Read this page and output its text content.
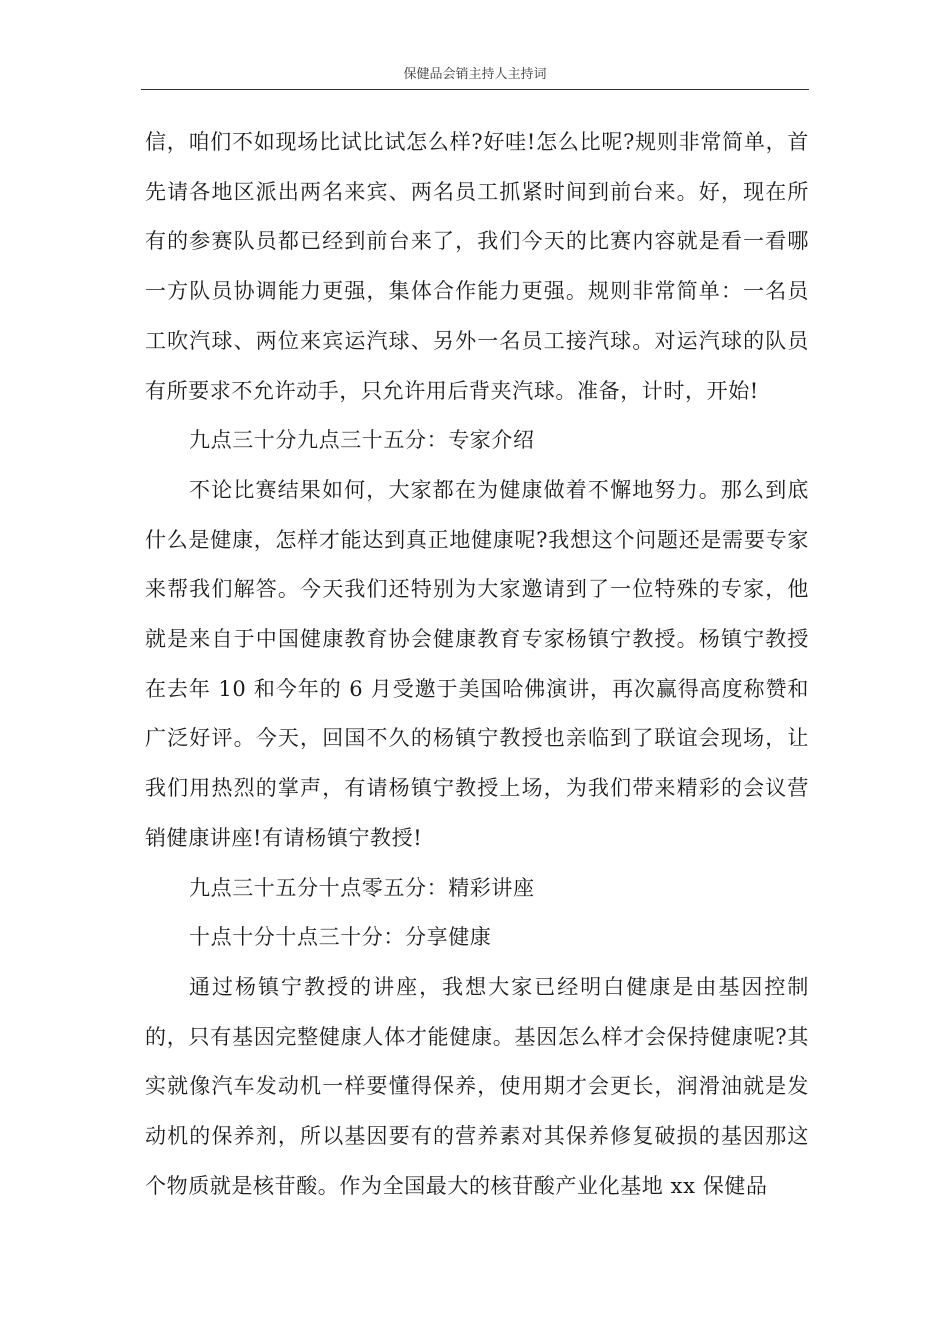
保健品会销主持人主持词

信，咱们不如现场比试比试怎么样?好哇!怎么比呢?规则非常简单，首先请各地区派出两名来宾、两名员工抓紧时间到前台来。好，现在所有的参赛队员都已经到前台来了，我们今天的比赛内容就是看一看哪一方队员协调能力更强，集体合作能力更强。规则非常简单：一名员工吹汽球、两位来宾运汽球、另外一名员工接汽球。对运汽球的队员有所要求不允许动手，只允许用后背夹汽球。准备，计时，开始!

九点三十分九点三十五分：专家介绍

不论比赛结果如何，大家都在为健康做着不懈地努力。那么到底什么是健康，怎样才能达到真正地健康呢?我想这个问题还是需要专家来帮我们解答。今天我们还特别为大家邀请到了一位特殊的专家，他就是来自于中国健康教育协会健康教育专家杨镇宁教授。杨镇宁教授在去年 10 和今年的 6 月受邀于美国哈佛演讲，再次赢得高度称赞和广泛好评。今天，回国不久的杨镇宁教授也亲临到了联谊会现场，让我们用热烈的掌声，有请杨镇宁教授上场，为我们带来精彩的会议营销健康讲座!有请杨镇宁教授!

九点三十五分十点零五分：精彩讲座

十点十分十点三十分：分享健康

通过杨镇宁教授的讲座，我想大家已经明白健康是由基因控制的，只有基因完整健康人体才能健康。基因怎么样才会保持健康呢?其实就像汽车发动机一样要懂得保养，使用期才会更长，润滑油就是发动机的保养剂，所以基因要有的营养素对其保养修复破损的基因那这个物质就是核苷酸。作为全国最大的核苷酸产业化基地 xx 保健品
